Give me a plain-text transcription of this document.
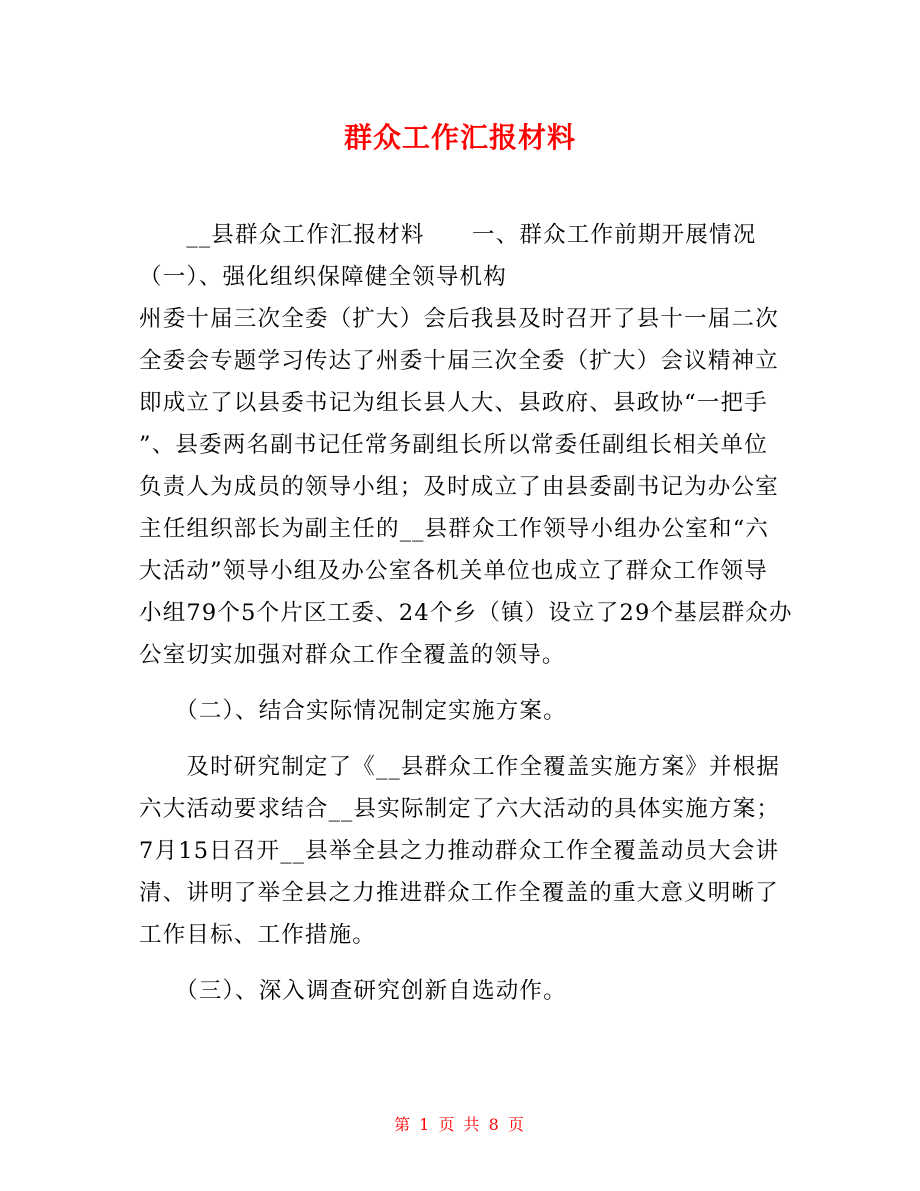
群众工作汇报材料
　　__县群众工作汇报材料　　一、群众工作前期开展情况
（一）、强化组织保障健全领导机构
州委十届三次全委（扩大）会后我县及时召开了县十一届二次
全委会专题学习传达了州委十届三次全委（扩大）会议精神立
即成立了以县委书记为组长县人大、县政府、县政协“一把手
”、县委两名副书记任常务副组长所以常委任副组长相关单位
负责人为成员的领导小组；及时成立了由县委副书记为办公室
主任组织部长为副主任的__县群众工作领导小组办公室和“六
大活动”领导小组及办公室各机关单位也成立了群众工作领导
小组79个5个片区工委、24个乡（镇）设立了29个基层群众办
公室切实加强对群众工作全覆盖的领导。
　　（二）、结合实际情况制定实施方案。
　　及时研究制定了《__县群众工作全覆盖实施方案》并根据
六大活动要求结合__县实际制定了六大活动的具体实施方案；
7月15日召开__县举全县之力推动群众工作全覆盖动员大会讲
清、讲明了举全县之力推进群众工作全覆盖的重大意义明晰了
工作目标、工作措施。
　　（三）、深入调查研究创新自选动作。
第 1 页 共 8 页
